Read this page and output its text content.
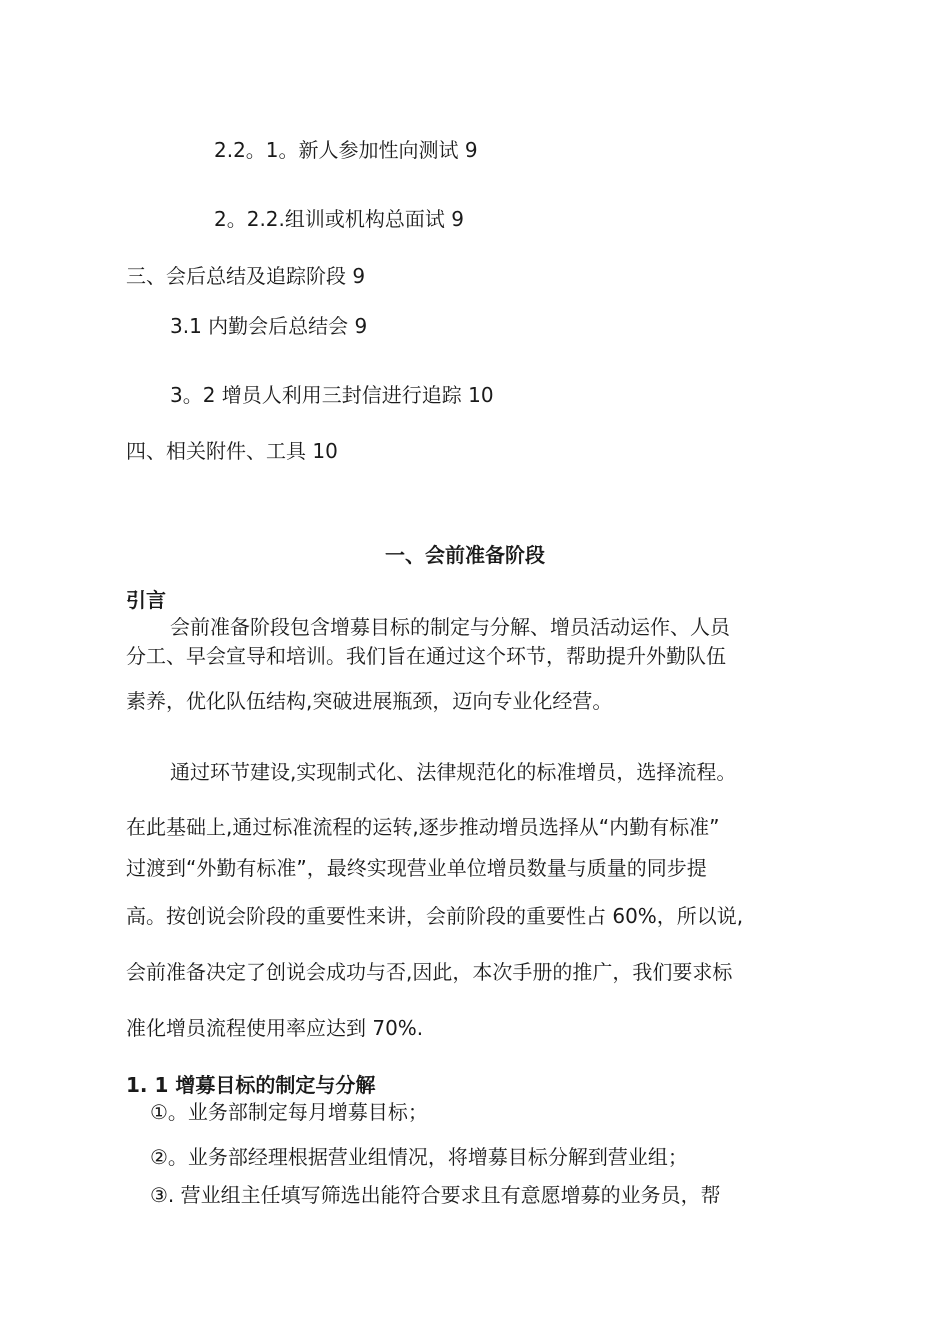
2.2。1。新人参加性向测试 9
2。2.2.组训或机构总面试 9
三、会后总结及追踪阶段 9
3.1 内勤会后总结会 9
3。2 增员人利用三封信进行追踪 10
四、相关附件、工具 10
一、会前准备阶段
引言
会前准备阶段包含增募目标的制定与分解、增员活动运作、人员
分工、早会宣导和培训。我们旨在通过这个环节，帮助提升外勤队伍
素养，优化队伍结构,突破进展瓶颈，迈向专业化经营。
通过环节建设,实现制式化、法律规范化的标准增员，选择流程。
在此基础上,通过标准流程的运转,逐步推动增员选择从“内勤有标准”
过渡到“外勤有标准”，最终实现营业单位增员数量与质量的同步提
高。按创说会阶段的重要性来讲，会前阶段的重要性占 60%，所以说,
会前准备决定了创说会成功与否,因此，本次手册的推广，我们要求标
准化增员流程使用率应达到 70%.
1. 1 增募目标的制定与分解
①。业务部制定每月增募目标；
②。业务部经理根据营业组情况，将增募目标分解到营业组；
③. 营业组主任填写筛选出能符合要求且有意愿增募的业务员，帮
